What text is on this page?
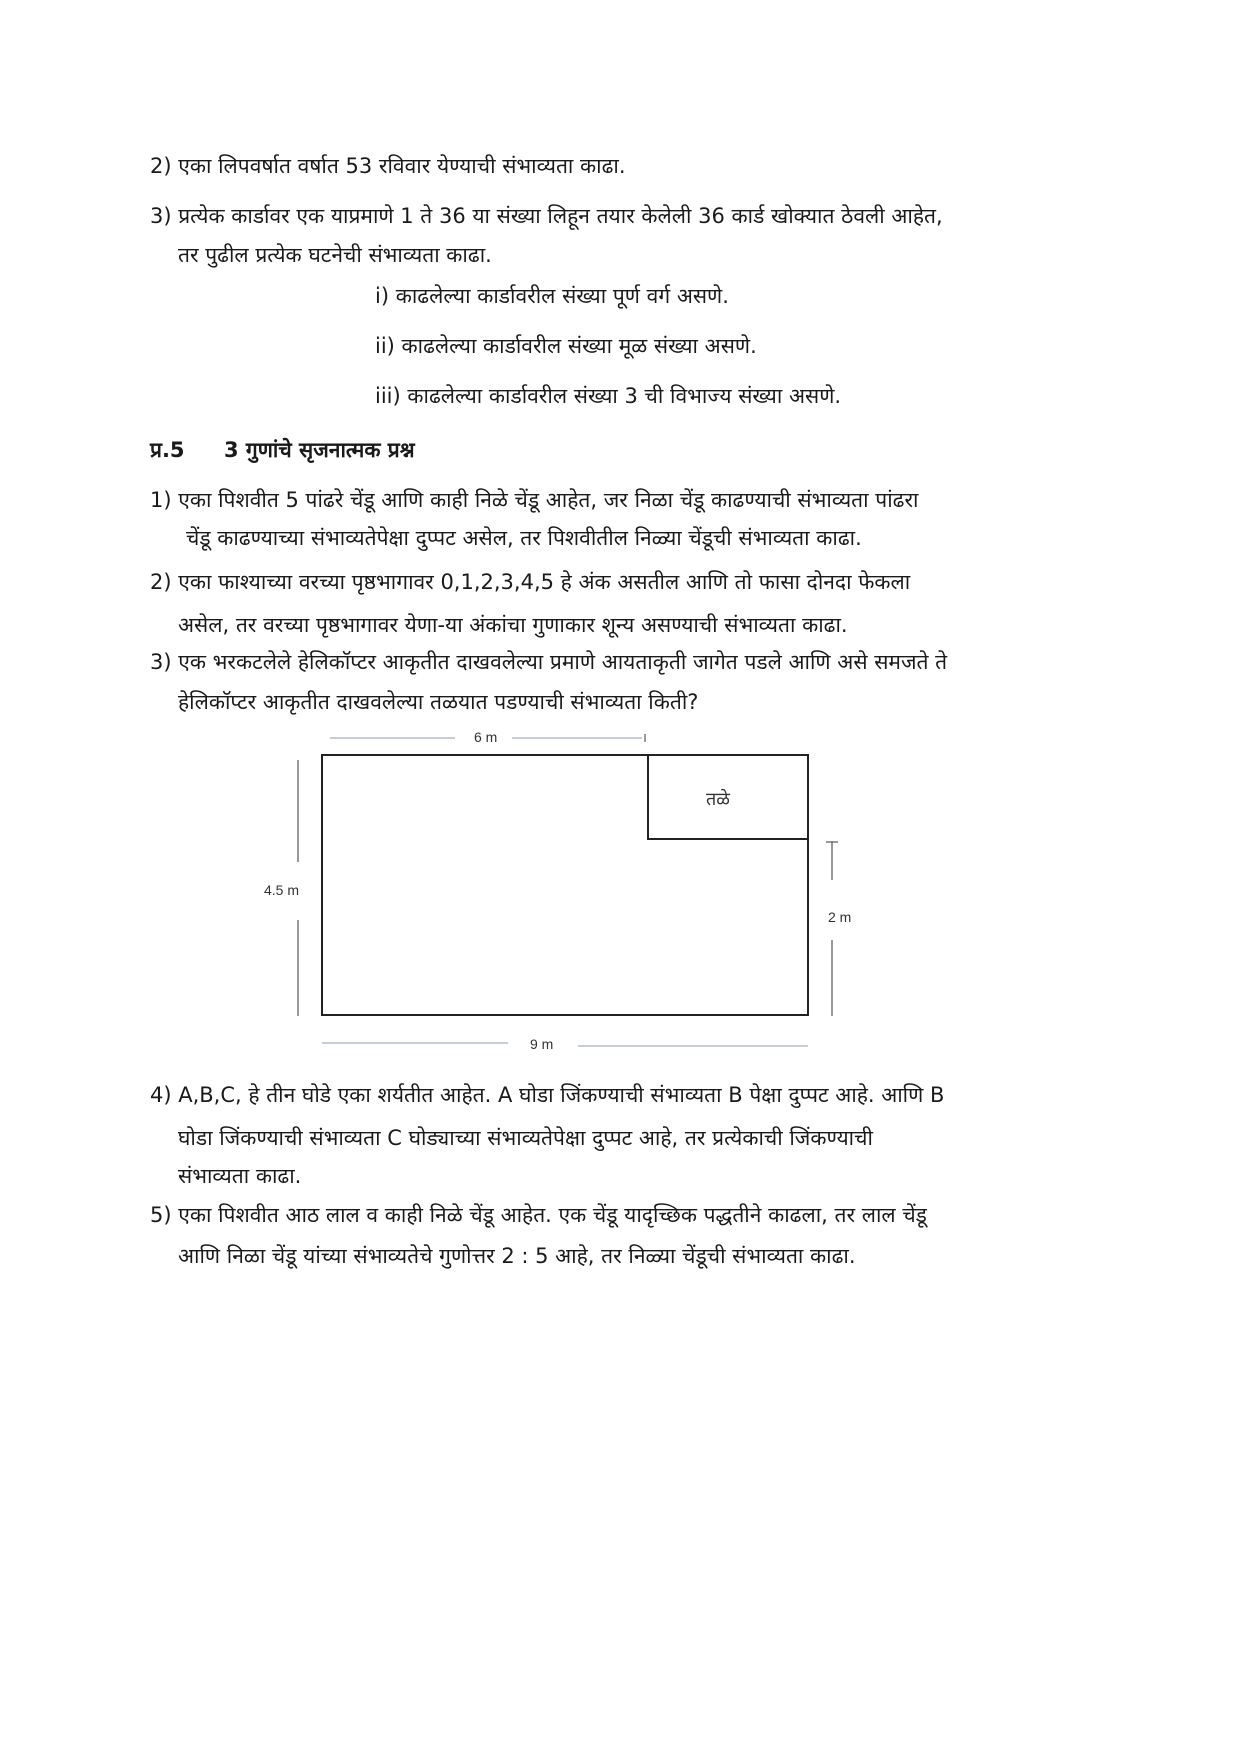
2) एका लिपवर्षात वर्षात 53 रविवार येण्याची संभाव्यता काढा.
3) प्रत्येक कार्डावर एक याप्रमाणे 1 ते 36 या संख्या लिहून तयार केलेली 36 कार्ड खोक्यात ठेवली आहेत,
तर पुढील प्रत्येक घटनेची संभाव्यता काढा.
i) काढलेल्या कार्डावरील संख्या पूर्ण वर्ग असणे.
ii) काढलेल्या कार्डावरील संख्या मूळ संख्या असणे.
iii) काढलेल्या कार्डावरील संख्या 3 ची विभाज्य संख्या असणे.
प्र.5 3 गुणांचे सृजनात्मक प्रश्न
1) एका पिशवीत 5 पांढरे चेंडू आणि काही निळे चेंडू आहेत, जर निळा चेंडू काढण्याची संभाव्यता पांढरा
चेंडू काढण्याच्या संभाव्यतेपेक्षा दुप्पट असेल, तर पिशवीतील निळ्या चेंडूची संभाव्यता काढा.
2) एका फाश्याच्या वरच्या पृष्ठभागावर 0,1,2,3,4,5 हे अंक असतील आणि तो फासा दोनदा फेकला
असेल, तर वरच्या पृष्ठभागावर येणा-या अंकांचा गुणाकार शून्य असण्याची संभाव्यता काढा.
3) एक भरकटलेले हेलिकॉप्टर आकृतीत दाखवलेल्या प्रमाणे आयताकृती जागेत पडले आणि असे समजते ते
हेलिकॉप्टर आकृतीत दाखवलेल्या तळयात पडण्याची संभाव्यता किती?
6 m
तळे
4.5 m
2 m
9 m
4) A,B,C, हे तीन घोडे एका शर्यतीत आहेत. A घोडा जिंकण्याची संभाव्यता B पेक्षा दुप्पट आहे. आणि B
घोडा जिंकण्याची संभाव्यता C घोड्याच्या संभाव्यतेपेक्षा दुप्पट आहे, तर प्रत्येकाची जिंकण्याची
संभाव्यता काढा.
5) एका पिशवीत आठ लाल व काही निळे चेंडू आहेत. एक चेंडू यादृच्छिक पद्धतीने काढला, तर लाल चेंडू
आणि निळा चेंडू यांच्या संभाव्यतेचे गुणोत्तर 2 : 5 आहे, तर निळ्या चेंडूची संभाव्यता काढा.
